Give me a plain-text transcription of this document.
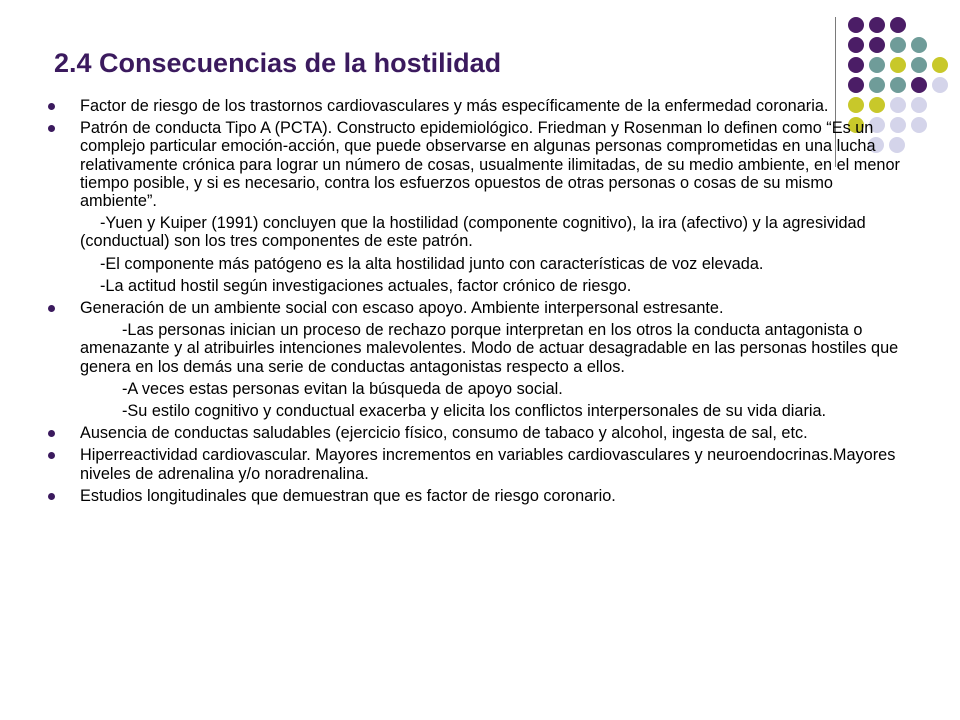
2.4 Consecuencias de la hostilidad

Factor de riesgo de los trastornos cardiovasculares y más específicamente de la enfermedad coronaria.

Patrón de conducta Tipo A (PCTA). Constructo epidemiológico. Friedman y Rosenman lo definen como “Es un complejo particular emoción-acción, que puede observarse en algunas personas comprometidas en una lucha relativamente crónica para lograr un número de cosas, usualmente ilimitadas, de su medio ambiente, en el menor tiempo posible, y si es necesario, contra los esfuerzos opuestos de otras personas o cosas de su mismo ambiente”.

-Yuen y Kuiper (1991) concluyen que la hostilidad (componente cognitivo), la ira (afectivo) y la agresividad (conductual) son los tres componentes de este patrón.

-El componente más patógeno es la alta hostilidad junto con características de voz elevada.

-La actitud hostil según investigaciones actuales, factor crónico de riesgo.

Generación de un ambiente social con escaso apoyo. Ambiente interpersonal estresante.

-Las personas inician un proceso de rechazo porque interpretan en los otros la conducta antagonista o amenazante y al atribuirles intenciones malevolentes. Modo de actuar desagradable en las personas hostiles que genera en los demás una serie de conductas antagonistas respecto a ellos.

-A veces estas personas evitan la búsqueda de apoyo social.

-Su estilo cognitivo y conductual exacerba y elicita los conflictos interpersonales de su vida diaria.

Ausencia de conductas saludables (ejercicio físico, consumo de tabaco y alcohol, ingesta de sal, etc.

Hiperreactividad cardiovascular. Mayores incrementos en variables cardiovasculares y neuroendocrinas.Mayores niveles de adrenalina y/o noradrenalina.

Estudios longitudinales que demuestran que es factor de riesgo coronario.
